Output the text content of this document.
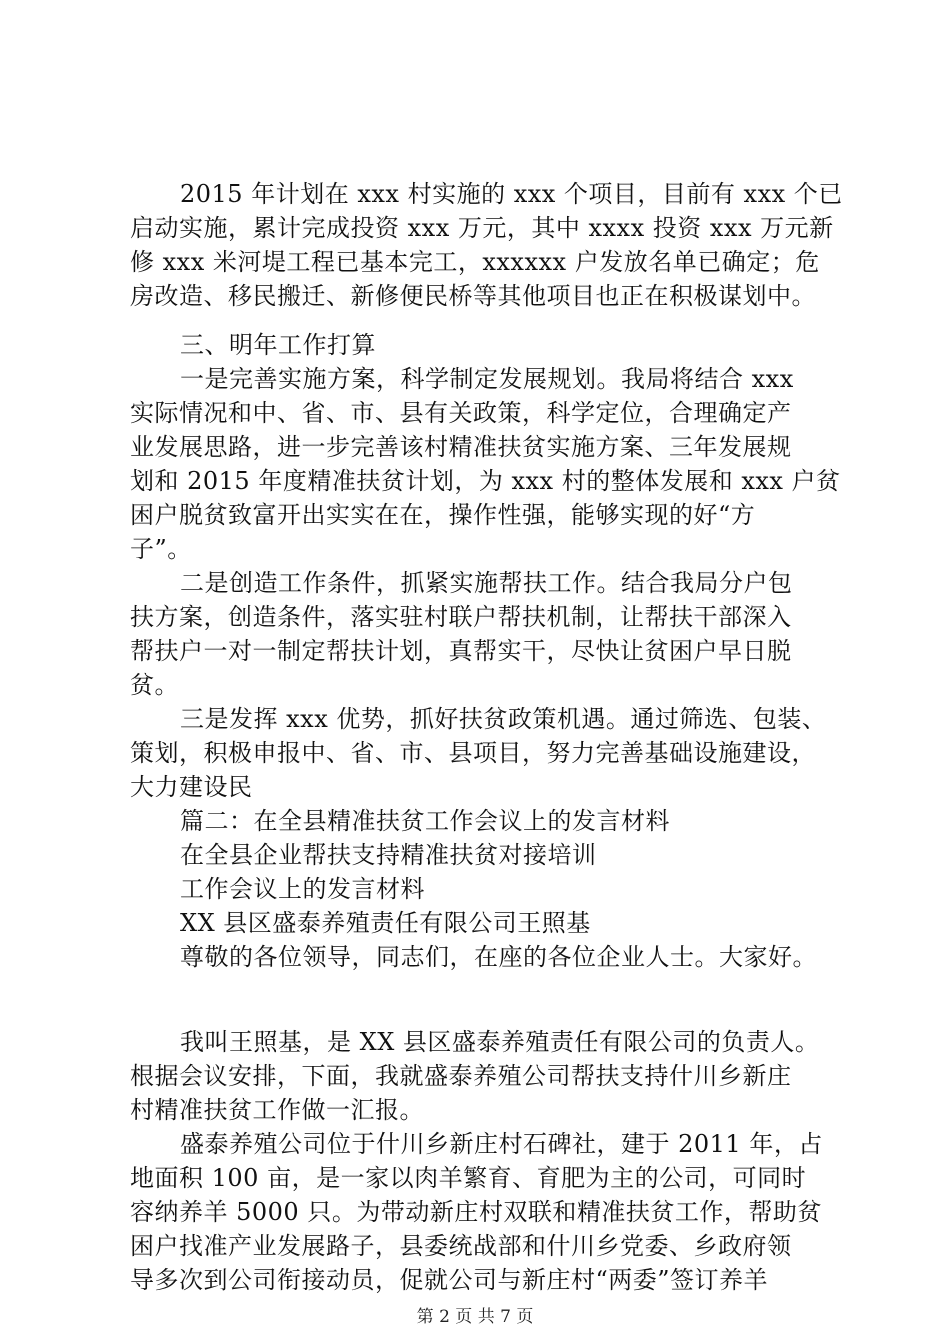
2015 年计划在 xxx 村实施的 xxx 个项目，目前有 xxx 个已
启动实施，累计完成投资 xxx 万元，其中 xxxx 投资 xxx 万元新
修 xxx 米河堤工程已基本完工，xxxxxx 户发放名单已确定；危
房改造、移民搬迁、新修便民桥等其他项目也正在积极谋划中。
三、明年工作打算
一是完善实施方案，科学制定发展规划。我局将结合 xxx
实际情况和中、省、市、县有关政策，科学定位，合理确定产
业发展思路，进一步完善该村精准扶贫实施方案、三年发展规
划和 2015 年度精准扶贫计划，为 xxx 村的整体发展和 xxx 户贫
困户脱贫致富开出实实在在，操作性强，能够实现的好“方
子”。
二是创造工作条件，抓紧实施帮扶工作。结合我局分户包
扶方案，创造条件，落实驻村联户帮扶机制，让帮扶干部深入
帮扶户一对一制定帮扶计划，真帮实干，尽快让贫困户早日脱
贫。
三是发挥 xxx 优势，抓好扶贫政策机遇。通过筛选、包装、
策划，积极申报中、省、市、县项目，努力完善基础设施建设，
大力建设民
篇二：在全县精准扶贫工作会议上的发言材料
在全县企业帮扶支持精准扶贫对接培训
工作会议上的发言材料
XX 县区盛泰养殖责任有限公司王照基
尊敬的各位领导，同志们，在座的各位企业人士。大家好。
我叫王照基，是 XX 县区盛泰养殖责任有限公司的负责人。
根据会议安排，下面，我就盛泰养殖公司帮扶支持什川乡新庄
村精准扶贫工作做一汇报。
盛泰养殖公司位于什川乡新庄村石碑社，建于 2011 年，占
地面积 100 亩，是一家以肉羊繁育、育肥为主的公司，可同时
容纳养羊 5000 只。为带动新庄村双联和精准扶贫工作，帮助贫
困户找准产业发展路子，县委统战部和什川乡党委、乡政府领
导多次到公司衔接动员，促就公司与新庄村“两委”签订养羊
第 2 页 共 7 页
